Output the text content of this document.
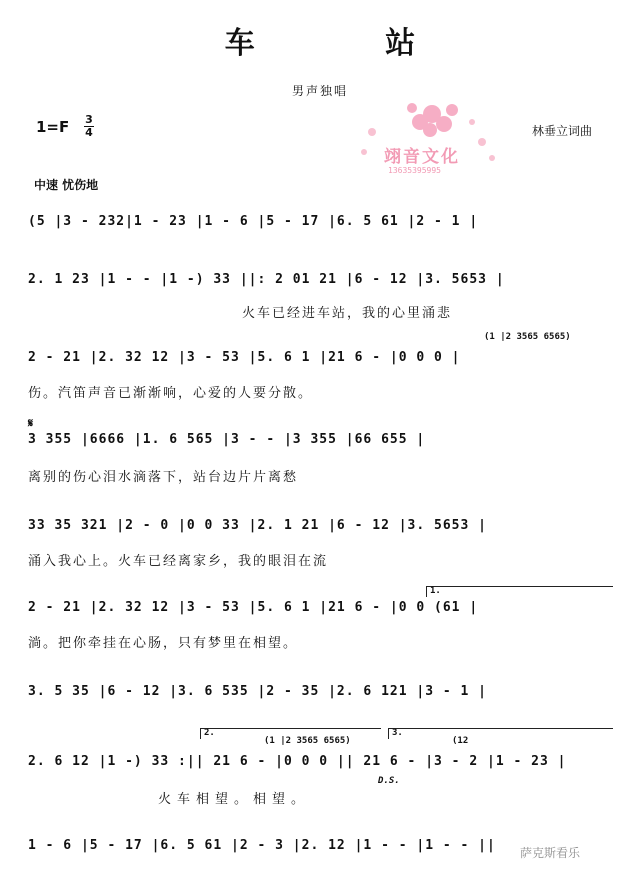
车 站
男声独唱
1=F 3
4	林垂立词曲
中速 忧伤地
翊音文化
13635395995
(5 |3 - 232|1 - 23 |1 - 6 |5 - 17 |6. 5 61 |2 - 1 |
2. 1 23 |1 - - |1 -) 33 ||: 2 01 21 |6 - 12 |3. 5653 |
火车已经进车站，我的心里涌悲
(1 |2 3565 6565)
2 - 21 |2. 32 12 |3 - 53 |5. 6 1 |21 6 - |0 0 0 |
伤。汽笛声音已渐渐响，心爱的人要分散。
𝄋
3 355 |6666 |1. 6 565 |3 - - |3 355 |66 655 |
离别的伤心泪水滴落下，站台边片片离愁
33 35 321 |2 - 0 |0 0 33 |2. 1 21 |6 - 12 |3. 5653 |
涌入我心上。火车已经离家乡，我的眼泪在流
1.
2 - 21 |2. 32 12 |3 - 53 |5. 6 1 |21 6 - |0 0 (61 |
淌。把你牵挂在心肠，只有梦里在相望。
3. 5 35 |6 - 12 |3. 6 535 |2 - 35 |2. 6 121 |3 - 1 |
2.	3.
(1 |2 3565 6565)	(12
2. 6 12 |1 -) 33 :|| 21 6 - |0 0 0 || 21 6 - |3 - 2 |1 - 23 |
D.S.
火车相望。相望。
1 - 6 |5 - 17 |6. 5 61 |2 - 3 |2. 12 |1 - - |1 - - ||	萨克斯看乐
